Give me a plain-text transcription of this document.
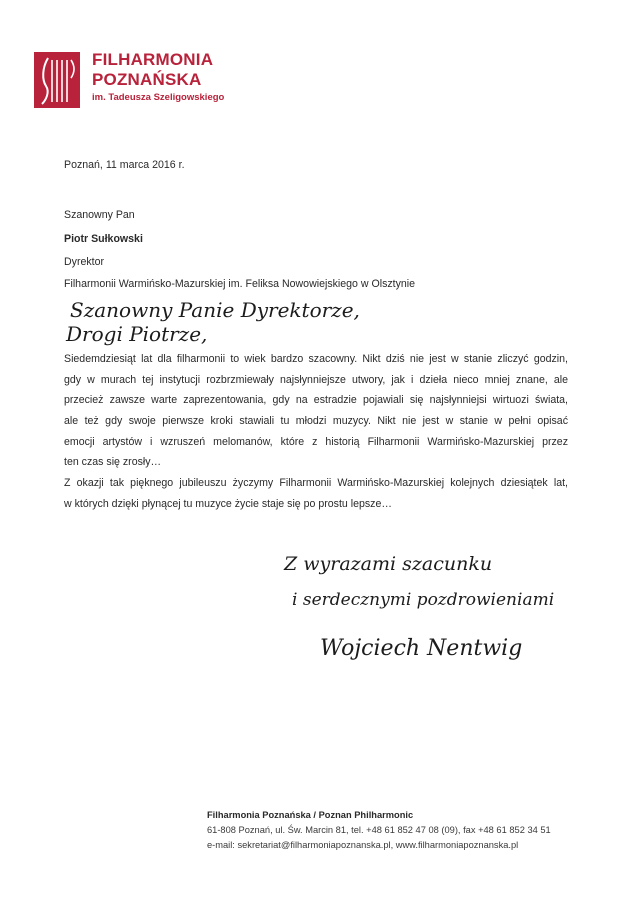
FILHARMONIA
POZNAŃSKA
im. Tadeusza Szeligowskiego
Poznań, 11 marca 2016 r.
Szanowny Pan
Piotr Sułkowski
Dyrektor
Filharmonii Warmińsko-Mazurskiej im. Feliksa Nowowiejskiego w Olsztynie
Szanowny Panie Dyrektorze,
Drogi Piotrze,
Siedemdziesiąt lat dla filharmonii to wiek bardzo szacowny. Nikt dziś nie jest w stanie zliczyć godzin,
gdy w murach tej instytucji rozbrzmiewały najsłynniejsze utwory, jak i dzieła nieco mniej znane, ale
przecież zawsze warte zaprezentowania, gdy na estradzie pojawiali się najsłynniejsi wirtuozi świata,
ale też gdy swoje pierwsze kroki stawiali tu młodzi muzycy. Nikt nie jest w stanie w pełni opisać
emocji artystów i wzruszeń melomanów, które z historią Filharmonii Warmińsko-Mazurskiej przez
ten czas się zrosły…
Z okazji tak pięknego jubileuszu życzymy Filharmonii Warmińsko-Mazurskiej kolejnych dziesiątek lat,
w których dzięki płynącej tu muzyce życie staje się po prostu lepsze…
Z wyrazami szacunku
i serdecznymi pozdrowieniami
Wojciech Nentwig
Filharmonia Poznańska / Poznan Philharmonic
61-808 Poznań, ul. Św. Marcin 81, tel. +48 61 852 47 08 (09), fax +48 61 852 34 51
e-mail: sekretariat@filharmoniapoznanska.pl, www.filharmoniapoznanska.pl
